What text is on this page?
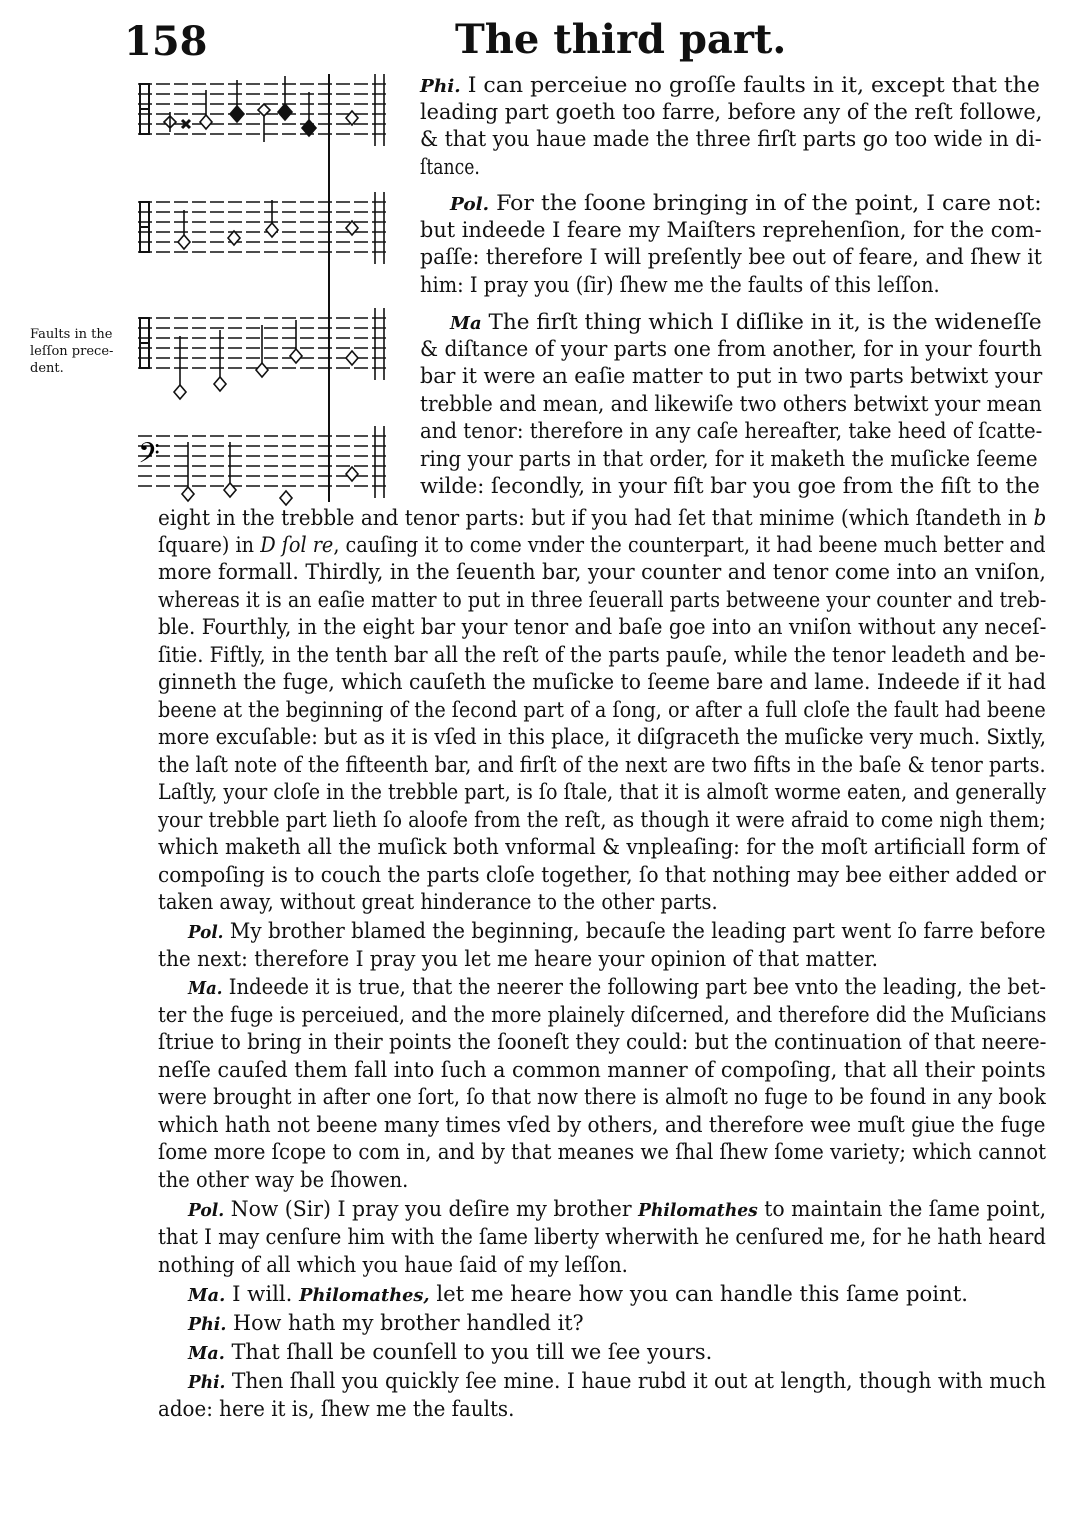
158	The third part.
Faults in the
leſſon prece-
dent.
𝄢
Phi. I can perceiue no groſſe faults in it, except that the
leading part goeth too farre, before any of the reſt followe,
& that you haue made the three firſt parts go too wide in di-
ſtance.
Pol. For the ſoone bringing in of the point, I care not:
but indeede I feare my Maiſters reprehenſion, for the com-
paſſe: therefore I will preſently bee out of feare, and ſhew it
him: I pray you (ſir) ſhew me the faults of this leſſon.
Ma The firſt thing which I diſlike in it, is the wideneſſe
& diſtance of your parts one from another, for in your fourth
bar it were an eaſie matter to put in two parts betwixt your
trebble and mean, and likewiſe two others betwixt your mean
and tenor: therefore in any caſe hereafter, take heed of ſcatte-
ring your parts in that order, for it maketh the muſicke ſeeme
wilde: ſecondly, in your fiſt bar you goe from the fiſt to the
eight in the trebble and tenor parts: but if you had ſet that minime (which ſtandeth in b
ſquare) in D ſol re, cauſing it to come vnder the counterpart, it had beene much better and
more formall. Thirdly, in the ſeuenth bar, your counter and tenor come into an vniſon,
whereas it is an eaſie matter to put in three ſeuerall parts betweene your counter and treb-
ble. Fourthly, in the eight bar your tenor and baſe goe into an vniſon without any neceſ-
ſitie. Fiftly, in the tenth bar all the reſt of the parts pauſe, while the tenor leadeth and be-
ginneth the fuge, which cauſeth the muſicke to ſeeme bare and lame. Indeede if it had
beene at the beginning of the ſecond part of a ſong, or after a full cloſe the fault had beene
more excuſable: but as it is vſed in this place, it diſgraceth the muſicke very much. Sixtly,
the laſt note of the fifteenth bar, and firſt of the next are two fifts in the baſe & tenor parts.
Laſtly, your cloſe in the trebble part, is ſo ſtale, that it is almoſt worme eaten, and generally
your trebble part lieth ſo aloofe from the reſt, as though it were afraid to come nigh them;
which maketh all the muſick both vnformal & vnpleaſing: for the moſt artificiall form of
compoſing is to couch the parts cloſe together, ſo that nothing may bee either added or
taken away, without great hinderance to the other parts.
Pol. My brother blamed the beginning, becauſe the leading part went ſo farre before
the next: therefore I pray you let me heare your opinion of that matter.
Ma. Indeede it is true, that the neerer the following part bee vnto the leading, the bet-
ter the fuge is perceiued, and the more plainely diſcerned, and therefore did the Muſicians
ſtriue to bring in their points the ſooneſt they could: but the continuation of that neere-
neſſe cauſed them fall into ſuch a common manner of compoſing, that all their points
were brought in after one ſort, ſo that now there is almoſt no fuge to be found in any book
which hath not beene many times vſed by others, and therefore wee muſt giue the fuge
ſome more ſcope to com in, and by that meanes we ſhal ſhew ſome variety; which cannot
the other way be ſhowen.
Pol. Now (Sir) I pray you deſire my brother Philomathes to maintain the ſame point,
that I may cenſure him with the ſame liberty wherwith he cenſured me, for he hath heard
nothing of all which you haue ſaid of my leſſon.
Ma. I will. Philomathes, let me heare how you can handle this ſame point.
Phi. How hath my brother handled it?
Ma. That ſhall be counſell to you till we ſee yours.
Phi. Then ſhall you quickly ſee mine. I haue rubd it out at length, though with much
adoe: here it is, ſhew me the faults.
